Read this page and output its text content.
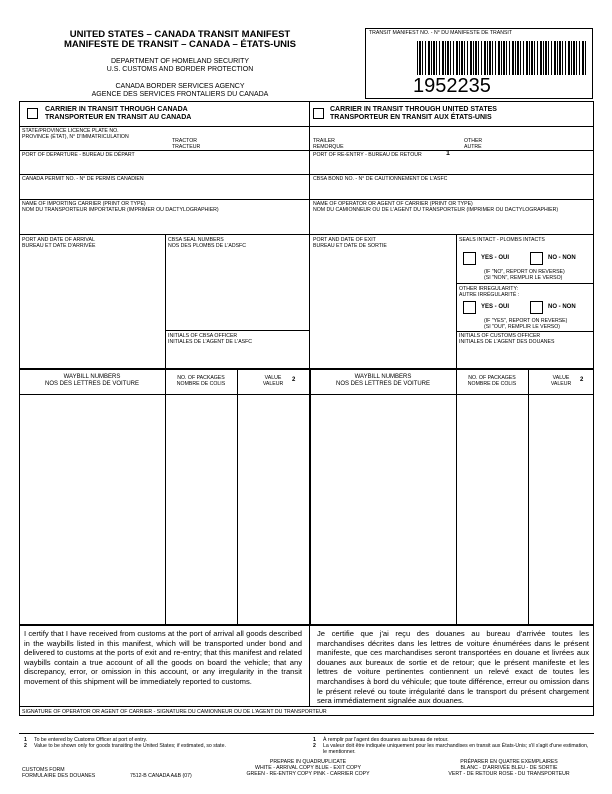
UNITED STATES – CANADA TRANSIT MANIFEST
MANIFESTE DE TRANSIT – CANADA – ÉTATS-UNIS
DEPARTMENT OF HOMELAND SECURITY
U.S. CUSTOMS AND BORDER PROTECTION
CANADA BORDER SERVICES AGENCY
AGENCE DES SERVICES FRONTALIERS DU CANADA
TRANSIT MANIFEST NO. - N° DU MANIFESTE DE TRANSIT
1952235
CARRIER IN TRANSIT THROUGH CANADA
TRANSPORTEUR EN TRANSIT AU CANADA
CARRIER IN TRANSIT THROUGH UNITED STATES
TRANSPORTEUR EN TRANSIT AUX ÉTATS-UNIS
STATE/PROVINCE LICENCE PLATE NO.
PROVINCE (ÉTAT), N° D'IMMATRICULATION
TRACTOR
TRACTEUR
TRAILER
REMORQUE
OTHER
AUTRE
PORT OF DEPARTURE - BUREAU DE DÉPART	PORT OF RE-ENTRY - BUREAU DE RETOUR	1
CANADA PERMIT NO. - N° DE PERMIS CANADIEN	CBSA BOND NO. - N° DE CAUTIONNEMENT DE L'ASFC
NAME OF IMPORTING CARRIER (PRINT OR TYPE)
NOM DU TRANSPORTEUR IMPORTATEUR (IMPRIMER OU DACTYLOGRAPHIER)
NAME OF OPERATOR OR AGENT OF CARRIER (PRINT OR TYPE)
NOM DU CAMIONNEUR OU DE L'AGENT DU TRANSPORTEUR (IMPRIMER OU DACTYLOGRAPHIER)
PORT AND DATE OF ARRIVAL
BUREAU ET DATE D'ARRIVÉE
CBSA SEAL NUMBERS
NOS DES PLOMBS DE L'ADSFC
INITIALS OF CBSA OFFICER
INITIALES DE L'AGENT DE L'ASFC
PORT AND DATE OF EXIT
BUREAU ET DATE DE SORTIE
SEALS INTACT - PLOMBS INTACTS
YES - OUI	NO - NON
(IF "NO", REPORT ON REVERSE)
(SI "NON", REMPLIR LE VERSO)
OTHER IRREGULARITY:
AUTRE IRRÉGULARITÉ :
YES - OUI	NO - NON
(IF "YES", REPORT ON REVERSE)
(SI "OUI", REMPLIR LE VERSO)
INITIALS OF CUSTOMS OFFICER
INITIALES DE L'AGENT DES DOUANES
WAYBILL NUMBERS
NOS DES LETTRES DE VOITURE
NO. OF PACKAGES
NOMBRE DE COLIS
VALUE
VALEUR
2	WAYBILL NUMBERS
NOS DES LETTRES DE VOITURE
NO. OF PACKAGES
NOMBRE DE COLIS
VALUE
VALEUR
2
I certify that I have received from customs at the port of arrival all goods described in the waybills listed in this manifest, which will be transported under bond and delivered to customs at the ports of exit and re-entry; that this manifest and related waybills contain a true account of all the goods on board the vehicle; that any discrepancy, error, or omission in this account, or any irregularity in the transit movement of this shipment will be immediately reported to customs.
Je certifie que j'ai reçu des douanes au bureau d'arrivée toutes les marchandises décrites dans les lettres de voiture énumérées dans le présent manifeste, que ces marchandises seront transportées en douane et livrées aux douanes aux bureaux de sortie et de retour; que le présent manifeste et les lettres de voiture pertinentes contiennent un relevé exact de toutes les marchandises à bord du véhicule; que toute différence, erreur ou omission dans le présent relevé ou toute irrégularité dans le transport du présent chargement sera immédiatement signalée aux douanes.
SIGNATURE OF OPERATOR OR AGENT OF CARRIER - SIGNATURE DU CAMIONNEUR OU DE L'AGENT DU TRANSPORTEUR
1 To be entered by Customs Officer at port of entry.
2 Value to be shown only for goods transiting the United States; if estimated, so state.
1 À remplir par l'agent des douanes au bureau de retour.
2 La valeur doit être indiquée uniquement pour les marchandises en transit aux États-Unis; s'il s'agit d'une estimation, le mentionner.
CUSTOMS FORM
FORMULAIRE DES DOUANES	7512-B CANADA A&B (07)
PREPARE IN QUADRUPLICATE
WHITE - ARRIVAL COPY BLUE - EXIT COPY
GREEN - RE-ENTRY COPY PINK - CARRIER COPY
PRÉPARER EN QUATRE EXEMPLAIRES
BLANC - D'ARRIVÉE BLEU - DE SORTIE
VERT - DE RETOUR ROSE - DU TRANSPORTEUR
